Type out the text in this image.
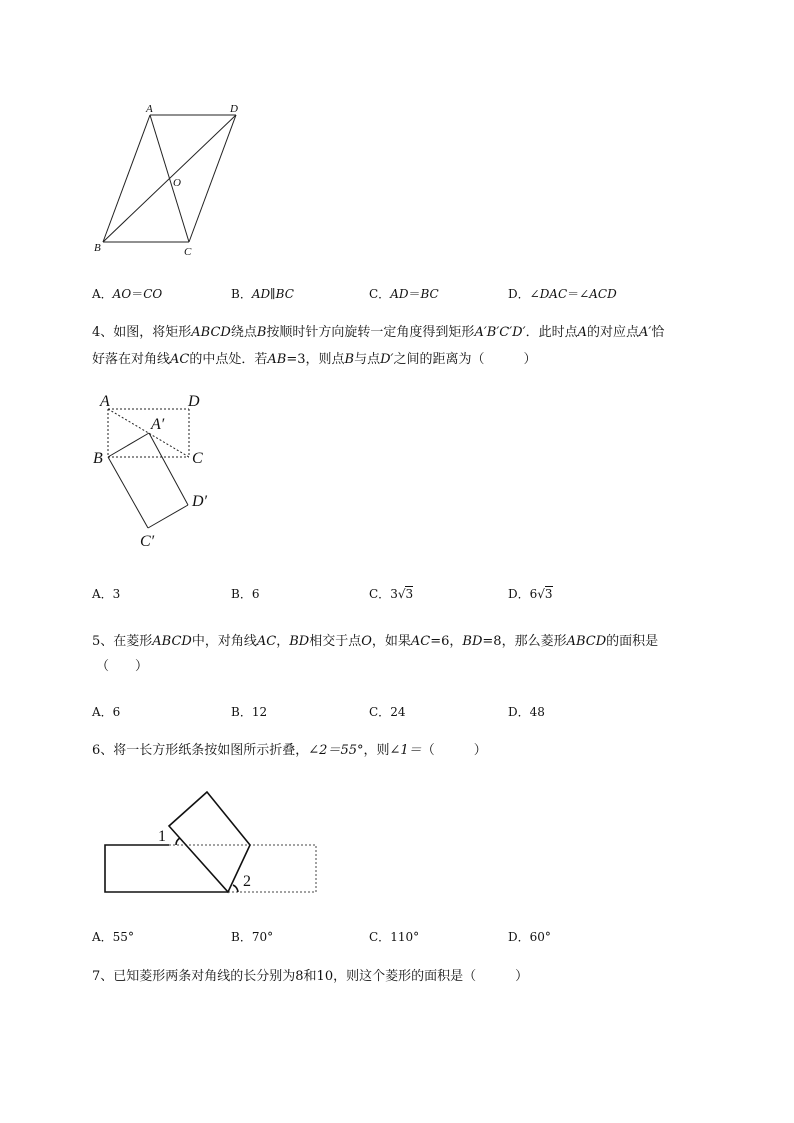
A	D
O
B	C
A．AO＝CO	B．AD∥BC	C．AD＝BC	D．∠DAC＝∠ACD
4、如图，将矩形ABCD绕点B按顺时针方向旋转一定角度得到矩形A′B′C′D′．此时点A的对应点A′恰
好落在对角线AC的中点处．若AB=3，则点B与点D′之间的距离为（　　　）
A	D
A′
B	C
D′
C′
A．3	B．6	C．3√3	D．6√3
5、在菱形ABCD中，对角线AC，BD相交于点O，如果AC=6，BD=8，那么菱形ABCD的面积是
（　　）
A．6	B．12	C．24	D．48
6、将一长方形纸条按如图所示折叠，∠2＝55°，则∠1＝（　　　）
1
2
A．55°	B．70°	C．110°	D．60°
7、已知菱形两条对角线的长分别为8和10，则这个菱形的面积是（　　　）
